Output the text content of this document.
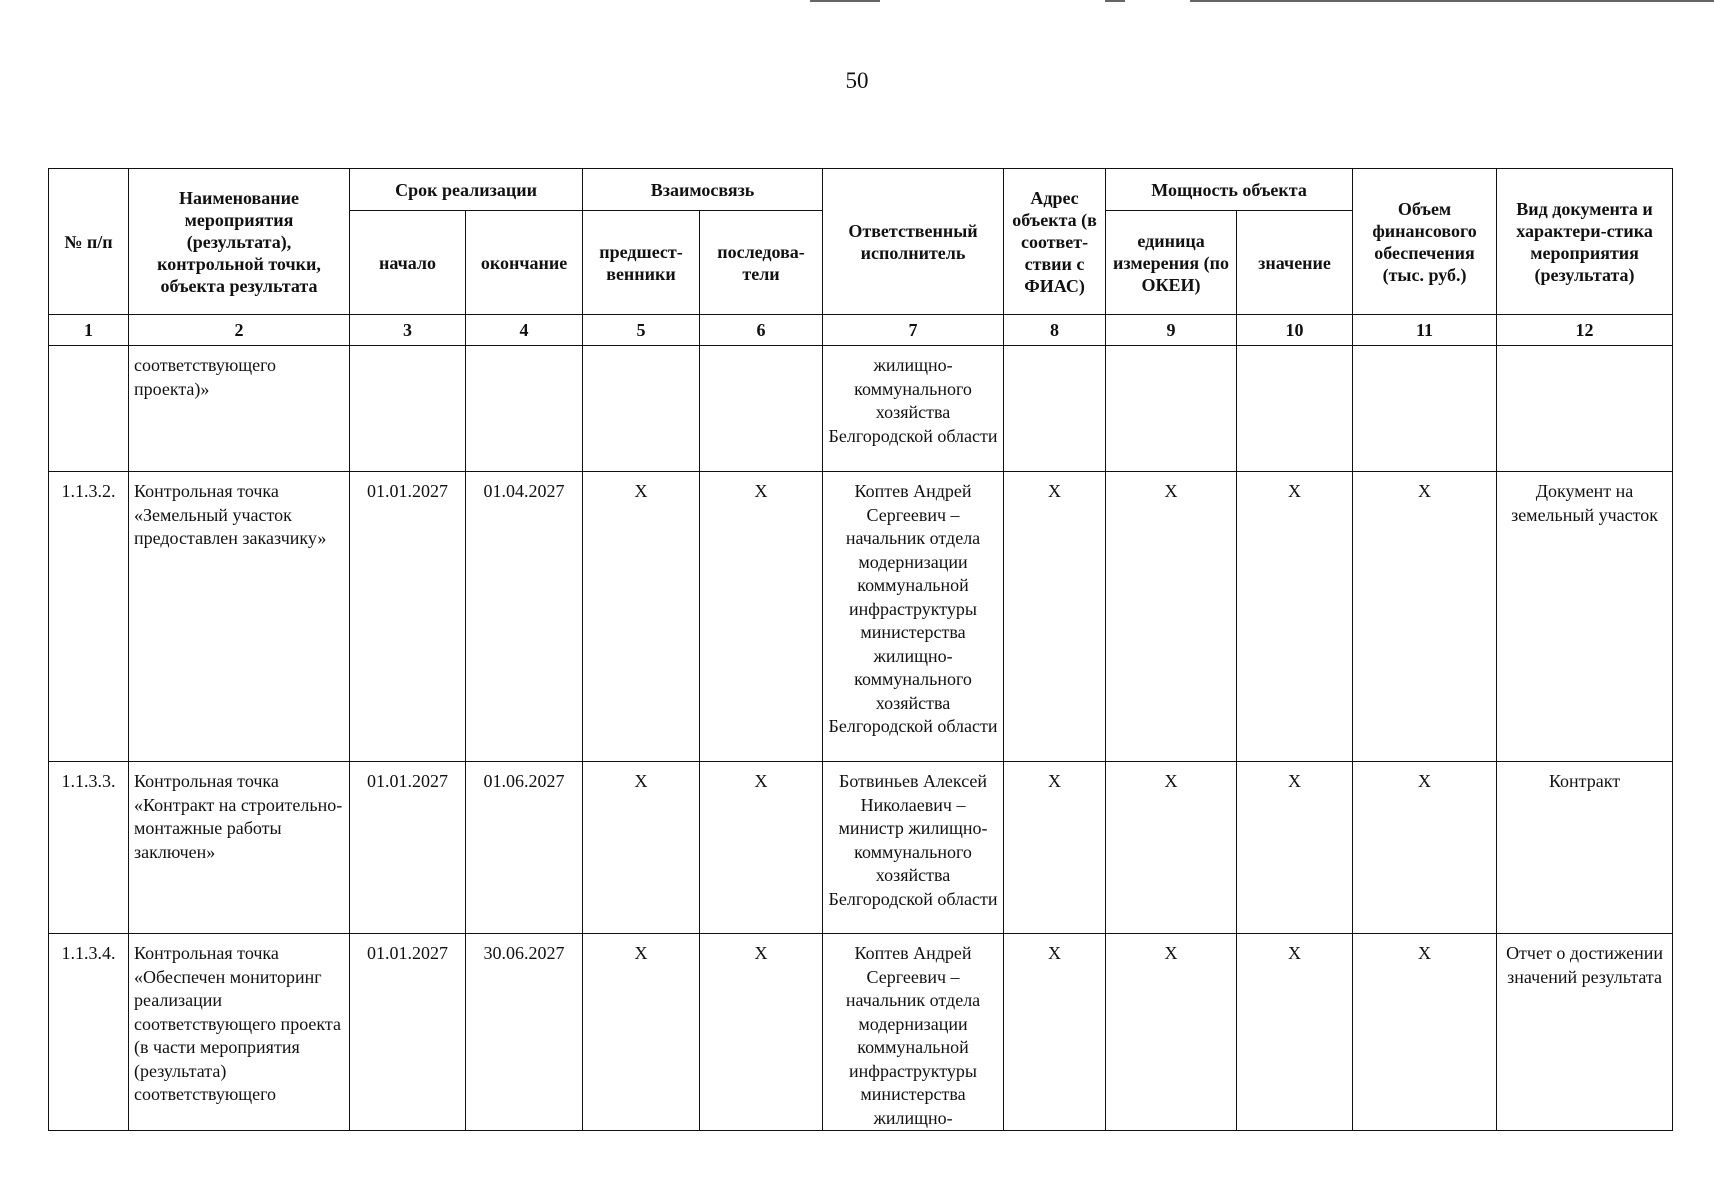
50
№ п/п	Наименование мероприятия (результата), контрольной точки, объекта результата	Срок реализации		Взаимосвязь		Ответственный исполнитель	Адрес объекта (в соответ-ствии с ФИАС)	Мощность объекта		Объем финансового обеспечения (тыс. руб.)	Вид документа и характери-стика мероприятия (результата)
		начало	окончание	предшест-венники	последова-тели			единица измерения (по ОКЕИ)	значение		
1	2	3	4	5	6	7	8	9	10	11	12
	соответствующего проекта)»					жилищно-коммунального хозяйства Белгородской области					
1.1.3.2.	Контрольная точка «Земельный участок предоставлен заказчику»	01.01.2027	01.04.2027	X	X	Коптев Андрей Сергеевич – начальник отдела модернизации коммунальной инфраструктуры министерства жилищно-коммунального хозяйства Белгородской области	X	X	X	X	Документ на земельный участок
1.1.3.3.	Контрольная точка «Контракт на строительно-монтажные работы заключен»	01.01.2027	01.06.2027	X	X	Ботвиньев Алексей Николаевич – министр жилищно-коммунального хозяйства Белгородской области	X	X	X	X	Контракт
1.1.3.4.	Контрольная точка «Обеспечен мониторинг реализации соответствующего проекта (в части мероприятия (результата) соответствующего	01.01.2027	30.06.2027	X	X	Коптев Андрей Сергеевич – начальник отдела модернизации коммунальной инфраструктуры министерства жилищно-	X	X	X	X	Отчет о достижении значений результата
